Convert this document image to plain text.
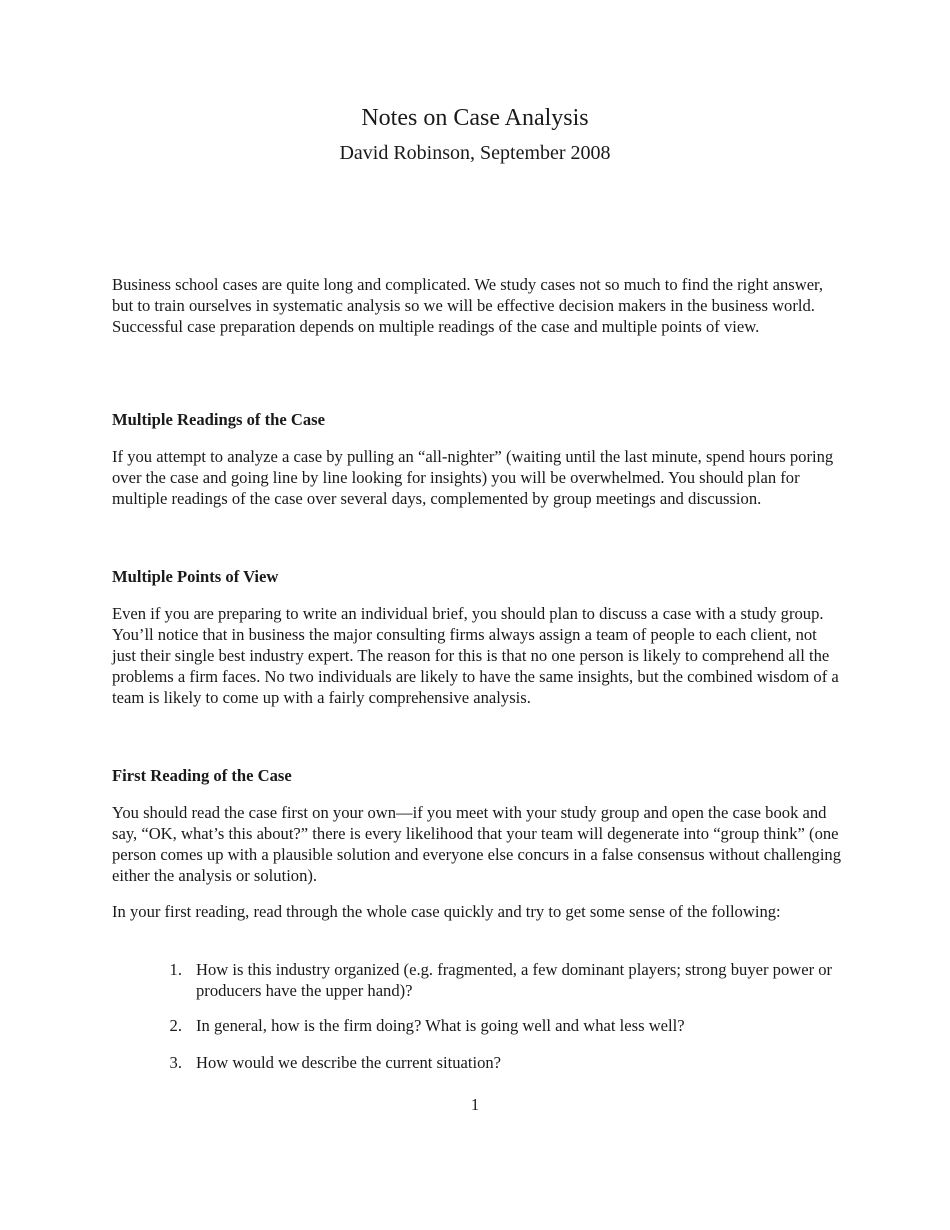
Notes on Case Analysis
David Robinson, September 2008

Business school cases are quite long and complicated. We study cases not so much to find the right answer, but to train ourselves in systematic analysis so we will be effective decision makers in the business world. Successful case preparation depends on multiple readings of the case and multiple points of view.

Multiple Readings of the Case

If you attempt to analyze a case by pulling an “all-nighter” (waiting until the last minute, spend hours poring over the case and going line by line looking for insights) you will be overwhelmed. You should plan for multiple readings of the case over several days, complemented by group meetings and discussion.

Multiple Points of View

Even if you are preparing to write an individual brief, you should plan to discuss a case with a study group. You’ll notice that in business the major consulting firms always assign a team of people to each client, not just their single best industry expert. The reason for this is that no one person is likely to comprehend all the problems a firm faces. No two individuals are likely to have the same insights, but the combined wisdom of a team is likely to come up with a fairly comprehensive analysis.

First Reading of the Case

You should read the case first on your own—if you meet with your study group and open the case book and say, “OK, what’s this about?” there is every likelihood that your team will degenerate into “group think” (one person comes up with a plausible solution and everyone else concurs in a false consensus without challenging either the analysis or solution).

In your first reading, read through the whole case quickly and try to get some sense of the following:

1. How is this industry organized (e.g. fragmented, a few dominant players; strong buyer power or producers have the upper hand)?
2. In general, how is the firm doing? What is going well and what less well?
3. How would we describe the current situation?
1
